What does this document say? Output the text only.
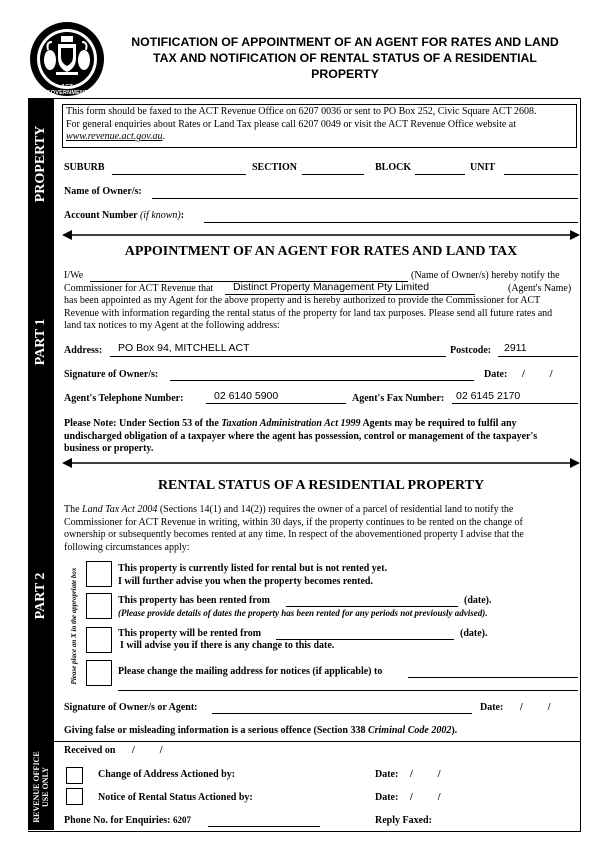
ACT GOVERNMENT
NOTIFICATION OF APPOINTMENT OF AN AGENT FOR RATES AND LAND
TAX AND NOTIFICATION OF RENTAL STATUS OF A RESIDENTIAL
PROPERTY
PROPERTY
PART 1
PART 2
REVENUE OFFICE USE ONLY
This form should be faxed to the ACT Revenue Office on 6207 0036 or sent to PO Box 252, Civic Square ACT 2608.
For general enquiries about Rates or Land Tax please call 6207 0049 or visit the ACT Revenue Office website at
www.revenue.act.gov.au.
SUBURB	SECTION	BLOCK	UNIT
Name of Owner/s:
Account Number (if known):
APPOINTMENT OF AN AGENT FOR RATES AND LAND TAX
I/We	(Name of Owner/s) hereby notify the
Commissioner for ACT Revenue that Distinct Property Management Pty Limited	(Agent's Name)
has been appointed as my Agent for the above property and is hereby authorized to provide the Commissioner for ACT
Revenue with information regarding the rental status of the property for land tax purposes. Please send all future rates and
land tax notices to my Agent at the following address:
Address: PO Box 94, MITCHELL ACT	Postcode: 2911
Signature of Owner/s:	Date: /          /
Agent's Telephone Number:	02 6140 5900	Agent's Fax Number: 02 6145 2170
Please Note: Under Section 53 of the Taxation Administration Act 1999 Agents may be required to fulfil any
undischarged obligation of a taxpayer where the agent has possession, control or management of the taxpayer's
business or property.
RENTAL STATUS OF A RESIDENTIAL PROPERTY
The Land Tax Act 2004 (Sections 14(1) and 14(2)) requires the owner of a parcel of residential land to notify the
Commissioner for ACT Revenue in writing, within 30 days, if the property continues to be rented on the change of
ownership or subsequently becomes rented at any time. In respect of the abovementioned property I advise that the
following circumstances apply:
Please place an X in the appropriate box	This property is currently listed for rental but is not rented yet.
I will further advise you when the property becomes rented.
This property has been rented from	(date).
(Please provide details of dates the property has been rented for any periods not previously advised).
This property will be rented from	(date).
I will advise you if there is any change to this date.
Please change the mailing address for notices (if applicable) to
Signature of Owner/s or Agent:	Date: /          /
Giving false or misleading information is a serious offence (Section 338 Criminal Code 2002).
Received on /          /
Change of Address Actioned by:	Date: /          /
Notice of Rental Status Actioned by:	Date: /          /
Phone No. for Enquiries: 6207	Reply Faxed:
